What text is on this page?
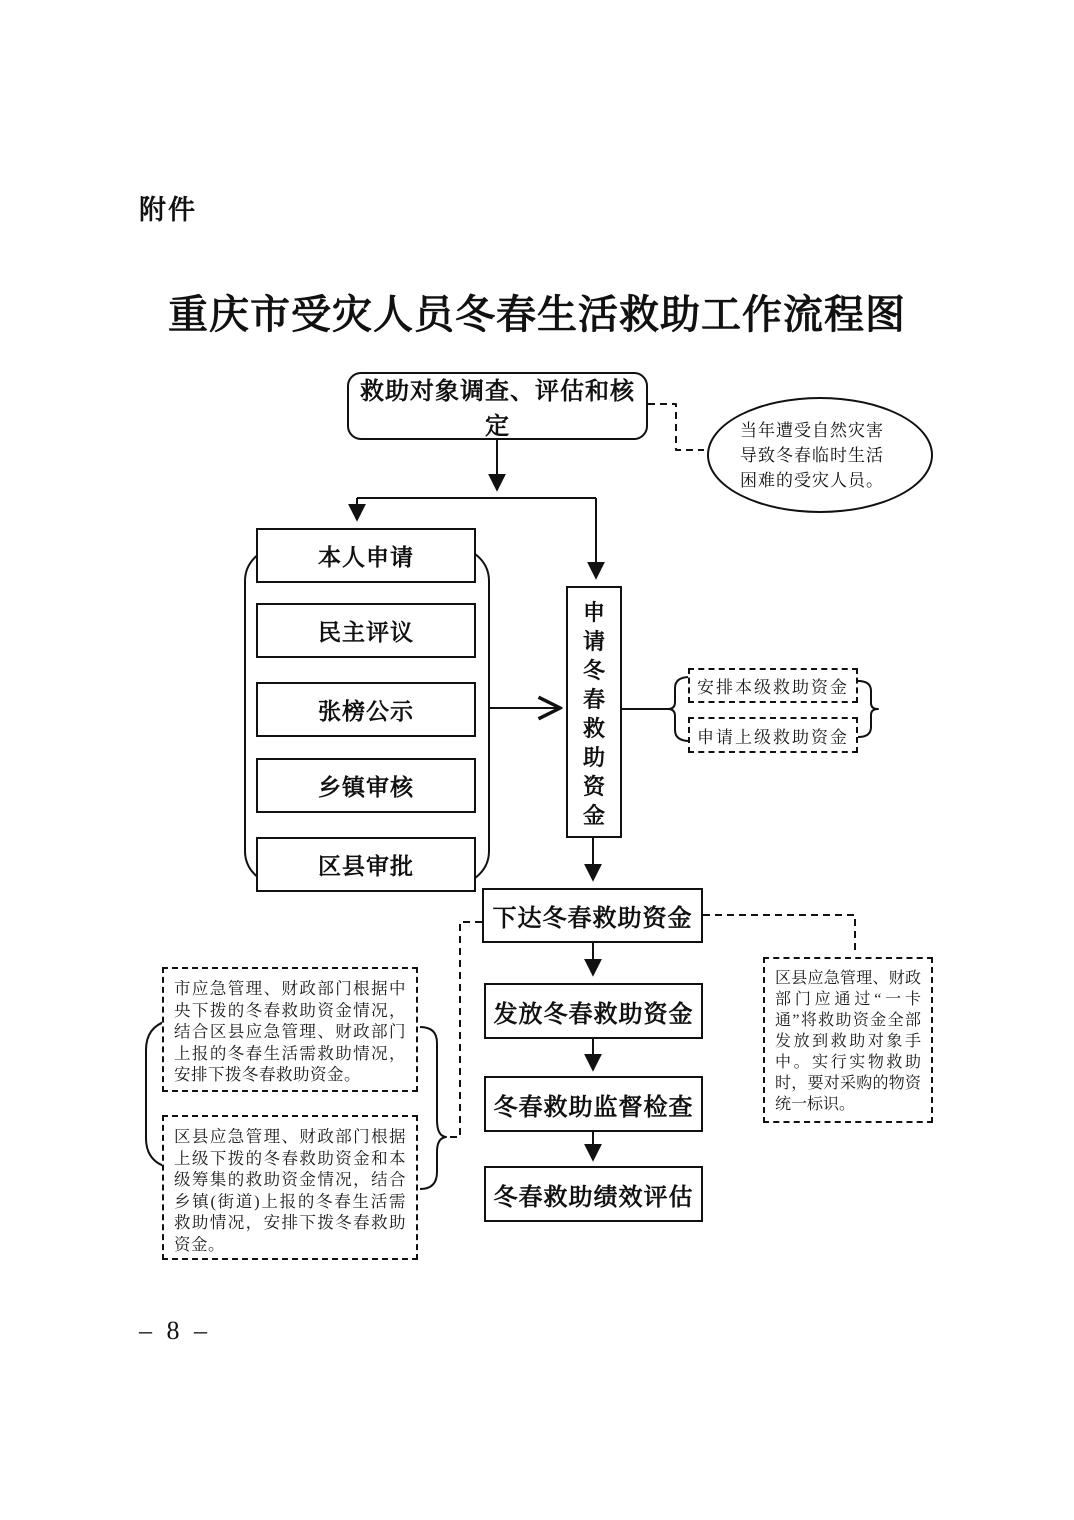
附件
重庆市受灾人员冬春生活救助工作流程图
救助对象调查、评估和核定	当年遭受自然灾害导致冬春临时生活困难的受灾人员。
本人申请
民主评议
张榜公示
乡镇审核
区县审批
申请冬春救助资金
安排本级救助资金
申请上级救助资金
下达冬春救助资金
发放冬春救助资金
冬春救助监督检查
冬春救助绩效评估
市应急管理、财政部门根据中央下拨的冬春救助资金情况，结合区县应急管理、财政部门上报的冬春生活需救助情况，安排下拨冬春救助资金。
区县应急管理、财政部门根据上级下拨的冬春救助资金和本级筹集的救助资金情况，结合乡镇(街道)上报的冬春生活需救助情况，安排下拨冬春救助资金。
区县应急管理、财政部门应通过“一卡通”将救助资金全部发放到救助对象手中。实行实物救助时，要对采购的物资统一标识。
– 8 –
